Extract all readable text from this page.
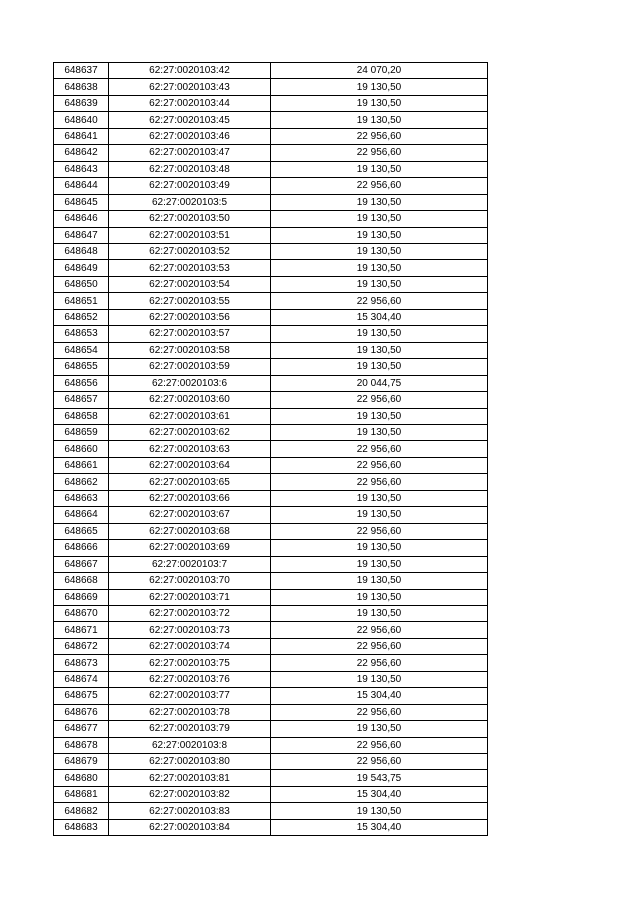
648637	62:27:0020103:42	24 070,20
648638	62:27:0020103:43	19 130,50
648639	62:27:0020103:44	19 130,50
648640	62:27:0020103:45	19 130,50
648641	62:27:0020103:46	22 956,60
648642	62:27:0020103:47	22 956,60
648643	62:27:0020103:48	19 130,50
648644	62:27:0020103:49	22 956,60
648645	62:27:0020103:5	19 130,50
648646	62:27:0020103:50	19 130,50
648647	62:27:0020103:51	19 130,50
648648	62:27:0020103:52	19 130,50
648649	62:27:0020103:53	19 130,50
648650	62:27:0020103:54	19 130,50
648651	62:27:0020103:55	22 956,60
648652	62:27:0020103:56	15 304,40
648653	62:27:0020103:57	19 130,50
648654	62:27:0020103:58	19 130,50
648655	62:27:0020103:59	19 130,50
648656	62:27:0020103:6	20 044,75
648657	62:27:0020103:60	22 956,60
648658	62:27:0020103:61	19 130,50
648659	62:27:0020103:62	19 130,50
648660	62:27:0020103:63	22 956,60
648661	62:27:0020103:64	22 956,60
648662	62:27:0020103:65	22 956,60
648663	62:27:0020103:66	19 130,50
648664	62:27:0020103:67	19 130,50
648665	62:27:0020103:68	22 956,60
648666	62:27:0020103:69	19 130,50
648667	62:27:0020103:7	19 130,50
648668	62:27:0020103:70	19 130,50
648669	62:27:0020103:71	19 130,50
648670	62:27:0020103:72	19 130,50
648671	62:27:0020103:73	22 956,60
648672	62:27:0020103:74	22 956,60
648673	62:27:0020103:75	22 956,60
648674	62:27:0020103:76	19 130,50
648675	62:27:0020103:77	15 304,40
648676	62:27:0020103:78	22 956,60
648677	62:27:0020103:79	19 130,50
648678	62:27:0020103:8	22 956,60
648679	62:27:0020103:80	22 956,60
648680	62:27:0020103:81	19 543,75
648681	62:27:0020103:82	15 304,40
648682	62:27:0020103:83	19 130,50
648683	62:27:0020103:84	15 304,40
